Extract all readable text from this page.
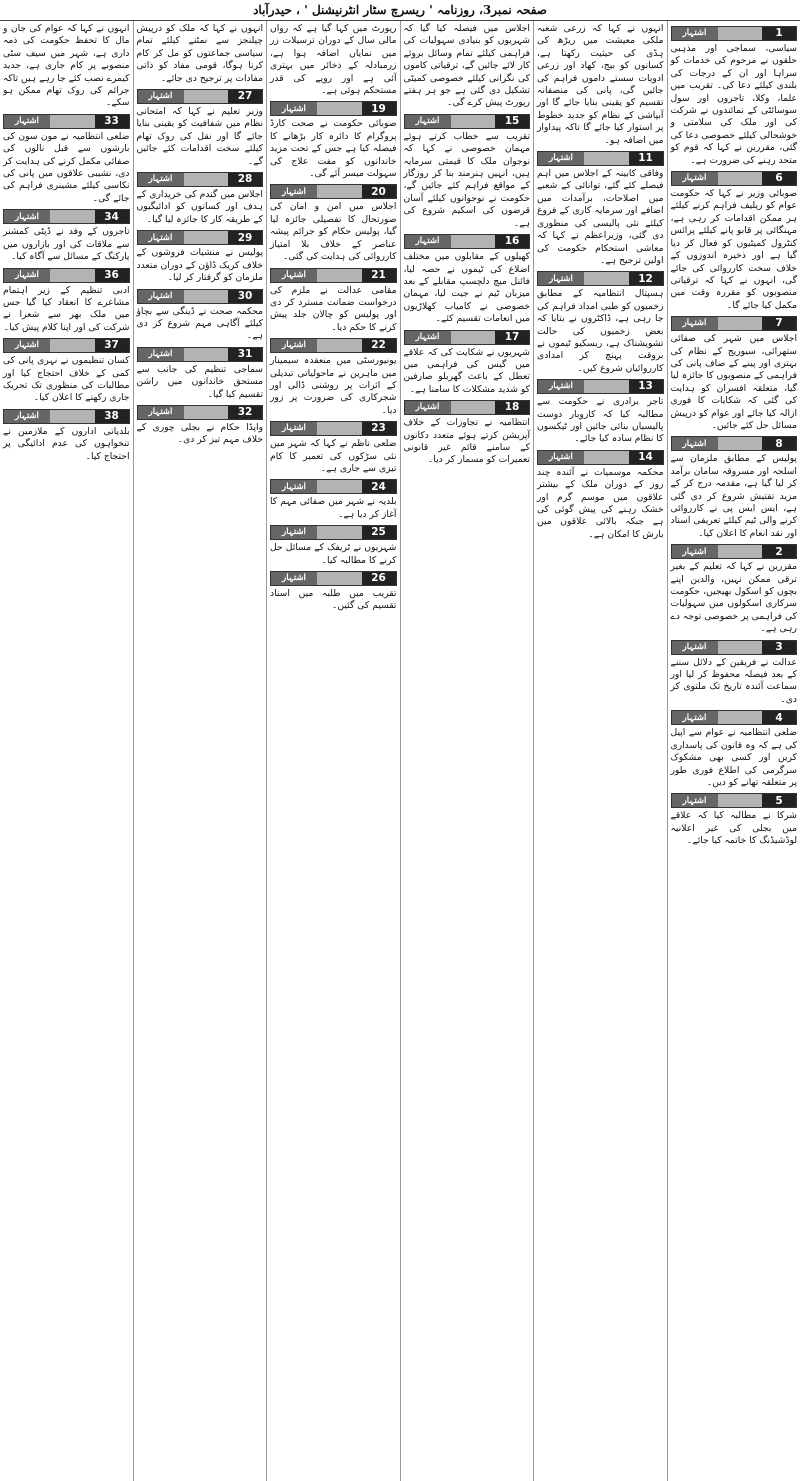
صفحہ نمبر3، روزنامہ ' ریسرچ سٹار انٹرنیشنل ' ، حیدرآباد
1
اشتہار

سیاسی، سماجی اور مذہبی حلقوں نے مرحوم کی خدمات کو سراہا اور ان کے درجات کی بلندی کیلئے دعا کی۔ تقریب میں علما، وکلا، تاجروں اور سول سوسائٹی کے نمائندوں نے شرکت کی اور ملک کی سلامتی و خوشحالی کیلئے خصوصی دعا کی گئی، مقررین نے کہا کہ قوم کو متحد رہنے کی ضرورت ہے۔

6
اشتہار

صوبائی وزیر نے کہا کہ حکومت عوام کو ریلیف فراہم کرنے کیلئے ہر ممکن اقدامات کر رہی ہے، مہنگائی پر قابو پانے کیلئے پرائس کنٹرول کمیٹیوں کو فعال کر دیا گیا ہے اور ذخیرہ اندوزوں کے خلاف سخت کارروائی کی جائے گی، انہوں نے کہا کہ ترقیاتی منصوبوں کو مقررہ وقت میں مکمل کیا جائے گا۔

7
اشتہار

اجلاس میں شہر کی صفائی ستھرائی، سیوریج کے نظام کی بہتری اور پینے کے صاف پانی کی فراہمی کے منصوبوں کا جائزہ لیا گیا، متعلقہ افسران کو ہدایت کی گئی کہ شکایات کا فوری ازالہ کیا جائے اور عوام کو درپیش مسائل حل کئے جائیں۔

8
اشتہار

پولیس کے مطابق ملزمان سے اسلحہ اور مسروقہ سامان برآمد کر لیا گیا ہے، مقدمہ درج کر کے مزید تفتیش شروع کر دی گئی ہے، ایس ایس پی نے کارروائی کرنے والی ٹیم کیلئے تعریفی اسناد اور نقد انعام کا اعلان کیا۔

2
اشتہار

مقررین نے کہا کہ تعلیم کے بغیر ترقی ممکن نہیں، والدین اپنے بچوں کو اسکول بھیجیں، حکومت سرکاری اسکولوں میں سہولیات کی فراہمی پر خصوصی توجہ دے رہی ہے۔

3
اشتہار

عدالت نے فریقین کے دلائل سننے کے بعد فیصلہ محفوظ کر لیا اور سماعت آئندہ تاریخ تک ملتوی کر دی۔

4
اشتہار

ضلعی انتظامیہ نے عوام سے اپیل کی ہے کہ وہ قانون کی پاسداری کریں اور کسی بھی مشکوک سرگرمی کی اطلاع فوری طور پر متعلقہ تھانے کو دیں۔

5
اشتہار

شرکا نے مطالبہ کیا کہ علاقے میں بجلی کی غیر اعلانیہ لوڈشیڈنگ کا خاتمہ کیا جائے۔

انہوں نے کہا کہ زرعی شعبہ ملکی معیشت میں ریڑھ کی ہڈی کی حیثیت رکھتا ہے، کسانوں کو بیج، کھاد اور زرعی ادویات سستے داموں فراہم کی جائیں گی، پانی کی منصفانہ تقسیم کو یقینی بنایا جائے گا اور آبپاشی کے نظام کو جدید خطوط پر استوار کیا جائے گا تاکہ پیداوار میں اضافہ ہو۔

11
اشتہار

وفاقی کابینہ کے اجلاس میں اہم فیصلے کئے گئے، توانائی کے شعبے میں اصلاحات، برآمدات میں اضافے اور سرمایہ کاری کے فروغ کیلئے نئی پالیسی کی منظوری دی گئی، وزیراعظم نے کہا کہ معاشی استحکام حکومت کی اولین ترجیح ہے۔

12
اشتہار

ہسپتال انتظامیہ کے مطابق زخمیوں کو طبی امداد فراہم کی جا رہی ہے، ڈاکٹروں نے بتایا کہ بعض زخمیوں کی حالت تشویشناک ہے، ریسکیو ٹیموں نے بروقت پہنچ کر امدادی کارروائیاں شروع کیں۔

13
اشتہار

تاجر برادری نے حکومت سے مطالبہ کیا کہ کاروبار دوست پالیسیاں بنائی جائیں اور ٹیکسوں کا نظام سادہ کیا جائے۔

14
اشتہار

محکمہ موسمیات نے آئندہ چند روز کے دوران ملک کے بیشتر علاقوں میں موسم گرم اور خشک رہنے کی پیش گوئی کی ہے جبکہ بالائی علاقوں میں بارش کا امکان ہے۔

اجلاس میں فیصلہ کیا گیا کہ شہریوں کو بنیادی سہولیات کی فراہمی کیلئے تمام وسائل بروئے کار لائے جائیں گے، ترقیاتی کاموں کی نگرانی کیلئے خصوصی کمیٹی تشکیل دی گئی ہے جو ہر ہفتے رپورٹ پیش کرے گی۔

15
اشتہار

تقریب سے خطاب کرتے ہوئے مہمان خصوصی نے کہا کہ نوجوان ملک کا قیمتی سرمایہ ہیں، انہیں ہنرمند بنا کر روزگار کے مواقع فراہم کئے جائیں گے، حکومت نے نوجوانوں کیلئے آسان قرضوں کی اسکیم شروع کی ہے۔

16
اشتہار

کھیلوں کے مقابلوں میں مختلف اضلاع کی ٹیموں نے حصہ لیا، فائنل میچ دلچسپ مقابلے کے بعد میزبان ٹیم نے جیت لیا، مہمان خصوصی نے کامیاب کھلاڑیوں میں انعامات تقسیم کئے۔

17
اشتہار

شہریوں نے شکایت کی کہ علاقے میں گیس کی فراہمی میں تعطل کے باعث گھریلو صارفین کو شدید مشکلات کا سامنا ہے۔

18
اشتہار

انتظامیہ نے تجاوزات کے خلاف آپریشن کرتے ہوئے متعدد دکانوں کے سامنے قائم غیر قانونی تعمیرات کو مسمار کر دیا۔

رپورٹ میں کہا گیا ہے کہ رواں مالی سال کے دوران ترسیلات زر میں نمایاں اضافہ ہوا ہے، زرمبادلہ کے ذخائر میں بہتری آئی ہے اور روپے کی قدر مستحکم ہوئی ہے۔

19
اشتہار

صوبائی حکومت نے صحت کارڈ پروگرام کا دائرہ کار بڑھانے کا فیصلہ کیا ہے جس کے تحت مزید خاندانوں کو مفت علاج کی سہولت میسر آئے گی۔

20
اشتہار

اجلاس میں امن و امان کی صورتحال کا تفصیلی جائزہ لیا گیا، پولیس حکام کو جرائم پیشہ عناصر کے خلاف بلا امتیاز کارروائی کی ہدایت کی گئی۔

21
اشتہار

مقامی عدالت نے ملزم کی درخواست ضمانت مسترد کر دی اور پولیس کو چالان جلد پیش کرنے کا حکم دیا۔

22
اشتہار

یونیورسٹی میں منعقدہ سیمینار میں ماہرین نے ماحولیاتی تبدیلی کے اثرات پر روشنی ڈالی اور شجرکاری کی ضرورت پر زور دیا۔

23
اشتہار

ضلعی ناظم نے کہا کہ شہر میں نئی سڑکوں کی تعمیر کا کام تیزی سے جاری ہے۔

24
اشتہار

بلدیہ نے شہر میں صفائی مہم کا آغاز کر دیا ہے۔

25
اشتہار

شہریوں نے ٹریفک کے مسائل حل کرنے کا مطالبہ کیا۔

26
اشتہار

تقریب میں طلبہ میں اسناد تقسیم کی گئیں۔

انہوں نے کہا کہ ملک کو درپیش چیلنجز سے نمٹنے کیلئے تمام سیاسی جماعتوں کو مل کر کام کرنا ہوگا، قومی مفاد کو ذاتی مفادات پر ترجیح دی جائے۔

27
اشتہار

وزیر تعلیم نے کہا کہ امتحانی نظام میں شفافیت کو یقینی بنایا جائے گا اور نقل کی روک تھام کیلئے سخت اقدامات کئے جائیں گے۔

28
اشتہار

اجلاس میں گندم کی خریداری کے ہدف اور کسانوں کو ادائیگیوں کے طریقہ کار کا جائزہ لیا گیا۔

29
اشتہار

پولیس نے منشیات فروشوں کے خلاف کریک ڈاؤن کے دوران متعدد ملزمان کو گرفتار کر لیا۔

30
اشتہار

محکمہ صحت نے ڈینگی سے بچاؤ کیلئے آگاہی مہم شروع کر دی ہے۔

31
اشتہار

سماجی تنظیم کی جانب سے مستحق خاندانوں میں راشن تقسیم کیا گیا۔

32
اشتہار

واپڈا حکام نے بجلی چوری کے خلاف مہم تیز کر دی۔

انہوں نے کہا کہ عوام کی جان و مال کا تحفظ حکومت کی ذمہ داری ہے، شہر میں سیف سٹی منصوبے پر کام جاری ہے، جدید کیمرے نصب کئے جا رہے ہیں تاکہ جرائم کی روک تھام ممکن ہو سکے۔

33
اشتہار

ضلعی انتظامیہ نے مون سون کی بارشوں سے قبل نالوں کی صفائی مکمل کرنے کی ہدایت کر دی، نشیبی علاقوں میں پانی کی نکاسی کیلئے مشینری فراہم کی جائے گی۔

34
اشتہار

تاجروں کے وفد نے ڈپٹی کمشنر سے ملاقات کی اور بازاروں میں پارکنگ کے مسائل سے آگاہ کیا۔

36
اشتہار

ادبی تنظیم کے زیر اہتمام مشاعرے کا انعقاد کیا گیا جس میں ملک بھر سے شعرا نے شرکت کی اور اپنا کلام پیش کیا۔

37
اشتہار

کسان تنظیموں نے نہری پانی کی کمی کے خلاف احتجاج کیا اور مطالبات کی منظوری تک تحریک جاری رکھنے کا اعلان کیا۔

38
اشتہار

بلدیاتی اداروں کے ملازمین نے تنخواہوں کی عدم ادائیگی پر احتجاج کیا۔
